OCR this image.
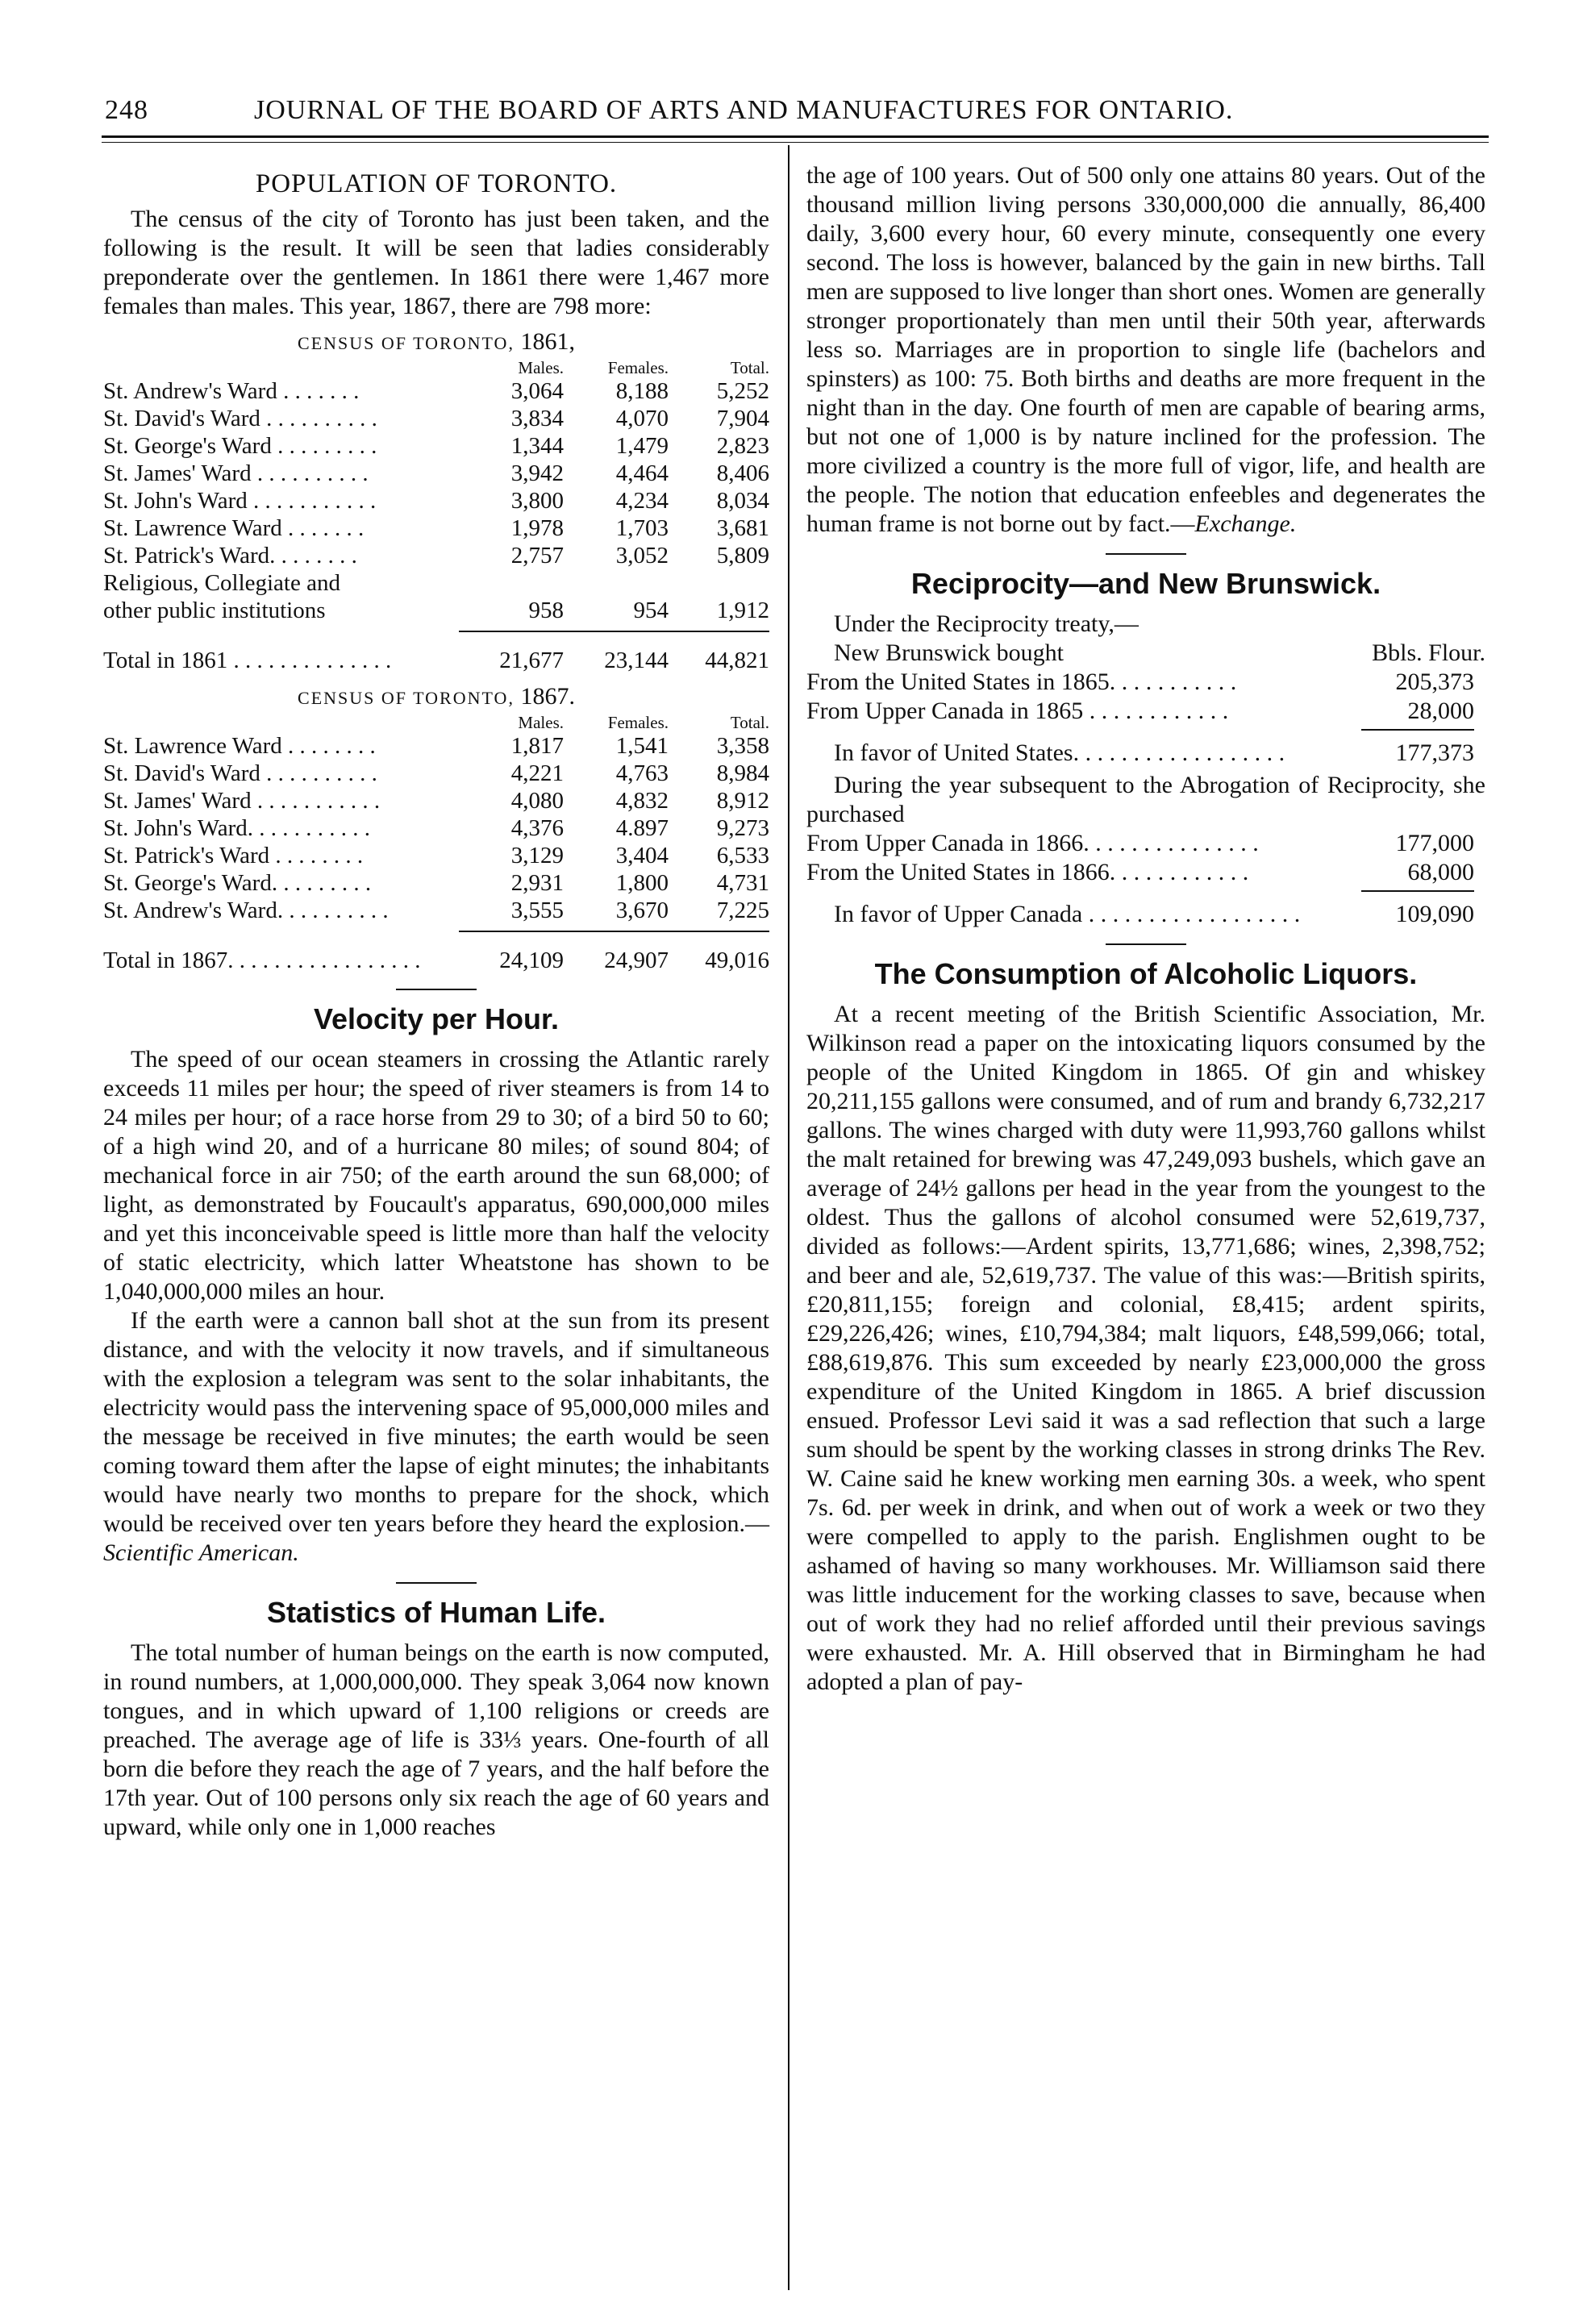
248	JOURNAL OF THE BOARD OF ARTS AND MANUFACTURES FOR ONTARIO.
POPULATION OF TORONTO.

The census of the city of Toronto has just been taken, and the following is the result. It will be seen that ladies considerably preponderate over the gentlemen. In 1861 there were 1,467 more females than males. This year, 1867, there are 798 more:

CENSUS OF TORONTO, 1861,
	Males.	Females.	Total.
St. Andrew's Ward . . . . . . .	3,064	8,188	5,252
St. David's Ward . . . . . . . . . .	3,834	4,070	7,904
St. George's Ward . . . . . . . . .	1,344	1,479	2,823
St. James' Ward . . . . . . . . . .	3,942	4,464	8,406
St. John's Ward . . . . . . . . . . .	3,800	4,234	8,034
St. Lawrence Ward . . . . . . .	1,978	1,703	3,681
St. Patrick's Ward. . . . . . . .	2,757	3,052	5,809
Religious, Collegiate and			
other public institutions	958	954	1,912

Total in 1861 . . . . . . . . . . . . . .	21,677	23,144	44,821
CENSUS OF TORONTO, 1867.
	Males.	Females.	Total.
St. Lawrence Ward . . . . . . . .	1,817	1,541	3,358
St. David's Ward . . . . . . . . . .	4,221	4,763	8,984
St. James' Ward . . . . . . . . . . .	4,080	4,832	8,912
St. John's Ward. . . . . . . . . . .	4,376	4.897	9,273
St. Patrick's Ward . . . . . . . .	3,129	3,404	6,533
St. George's Ward. . . . . . . . .	2,931	1,800	4,731
St. Andrew's Ward. . . . . . . . . .	3,555	3,670	7,225

Total in 1867. . . . . . . . . . . . . . . . .	24,109	24,907	49,016
Velocity per Hour.

The speed of our ocean steamers in crossing the Atlantic rarely exceeds 11 miles per hour; the speed of river steamers is from 14 to 24 miles per hour; of a race horse from 29 to 30; of a bird 50 to 60; of a high wind 20, and of a hurricane 80 miles; of sound 804; of mechanical force in air 750; of the earth around the sun 68,000; of light, as demonstrated by Foucault's apparatus, 690,000,000 miles and yet this inconceivable speed is little more than half the velocity of static electricity, which latter Wheatstone has shown to be 1,040,000,000 miles an hour.

If the earth were a cannon ball shot at the sun from its present distance, and with the velocity it now travels, and if simultaneous with the explosion a telegram was sent to the solar inhabitants, the electricity would pass the intervening space of 95,000,000 miles and the message be received in five minutes; the earth would be seen coming toward them after the lapse of eight minutes; the inhabitants would have nearly two months to prepare for the shock, which would be received over ten years before they heard the explosion.—Scientific American.

Statistics of Human Life.

The total number of human beings on the earth is now computed, in round numbers, at 1,000,000,000. They speak 3,064 now known tongues, and in which upward of 1,100 religions or creeds are preached. The average age of life is 33⅓ years. One-fourth of all born die before they reach the age of 7 years, and the half before the 17th year. Out of 100 persons only six reach the age of 60 years and upward, while only one in 1,000 reaches

the age of 100 years. Out of 500 only one attains 80 years. Out of the thousand million living persons 330,000,000 die annually, 86,400 daily, 3,600 every hour, 60 every minute, consequently one every second. The loss is however, balanced by the gain in new births. Tall men are supposed to live longer than short ones. Women are generally stronger proportionately than men until their 50th year, afterwards less so. Marriages are in proportion to single life (bachelors and spinsters) as 100: 75. Both births and deaths are more frequent in the night than in the day. One fourth of men are capable of bearing arms, but not one of 1,000 is by nature inclined for the profession. The more civilized a country is the more full of vigor, life, and health are the people. The notion that education enfeebles and degenerates the human frame is not borne out by fact.—Exchange.

Reciprocity—and New Brunswick.
Under the Reciprocity treaty,—
New Brunswick bought	Bbls. Flour.
From the United States in 1865. . . . . . . . . . .	205,373
From Upper Canada in 1865 . . . . . . . . . . . .	28,000
In favor of United States. . . . . . . . . . . . . . . . . .	177,373

During the year subsequent to the Abrogation of Reciprocity, she purchased

From Upper Canada in 1866. . . . . . . . . . . . . . .	177,000
From the United States in 1866. . . . . . . . . . . .	68,000
In favor of Upper Canada . . . . . . . . . . . . . . . . . .	109,090
The Consumption of Alcoholic Liquors.

At a recent meeting of the British Scientific Association, Mr. Wilkinson read a paper on the intoxicating liquors consumed by the people of the United Kingdom in 1865. Of gin and whiskey 20,211,155 gallons were consumed, and of rum and brandy 6,732,217 gallons. The wines charged with duty were 11,993,760 gallons whilst the malt retained for brewing was 47,249,093 bushels, which gave an average of 24½ gallons per head in the year from the youngest to the oldest. Thus the gallons of alcohol consumed were 52,619,737, divided as follows:—Ardent spirits, 13,771,686; wines, 2,398,752; and beer and ale, 52,619,737. The value of this was:—British spirits, £20,811,155; foreign and colonial, £8,415; ardent spirits, £29,226,426; wines, £10,794,384; malt liquors, £48,599,066; total, £88,619,876. This sum exceeded by nearly £23,000,000 the gross expenditure of the United Kingdom in 1865. A brief discussion ensued. Professor Levi said it was a sad reflection that such a large sum should be spent by the working classes in strong drinks The Rev. W. Caine said he knew working men earning 30s. a week, who spent 7s. 6d. per week in drink, and when out of work a week or two they were compelled to apply to the parish. Englishmen ought to be ashamed of having so many workhouses. Mr. Williamson said there was little inducement for the working classes to save, because when out of work they had no relief afforded until their previous savings were exhausted. Mr. A. Hill observed that in Birmingham he had adopted a plan of pay-
